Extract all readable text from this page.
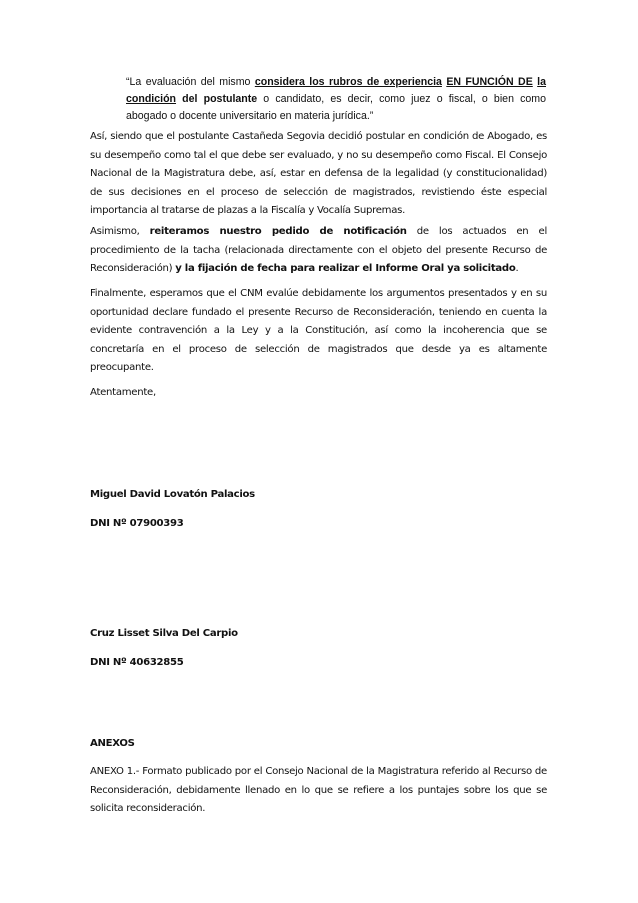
“La evaluación del mismo considera los rubros de experiencia EN FUNCIÓN DE la condición del postulante o candidato, es decir, como juez o fiscal, o bien como abogado o docente universitario en materia jurídica.”
Así, siendo que el postulante Castañeda Segovia decidió postular en condición de Abogado, es su desempeño como tal el que debe ser evaluado, y no su desempeño como Fiscal. El Consejo Nacional de la Magistratura debe, así, estar en defensa de la legalidad (y constitucionalidad) de sus decisiones en el proceso de selección de magistrados, revistiendo éste especial importancia al tratarse de plazas a la Fiscalía y Vocalía Supremas.
Asimismo, reiteramos nuestro pedido de notificación de los actuados en el procedimiento de la tacha (relacionada directamente con el objeto del presente Recurso de Reconsideración) y la fijación de fecha para realizar el Informe Oral ya solicitado.
Finalmente, esperamos que el CNM evalúe debidamente los argumentos presentados y en su oportunidad declare fundado el presente Recurso de Reconsideración, teniendo en cuenta la evidente contravención a la Ley y a la Constitución, así como la incoherencia que se concretaría en el proceso de selección de magistrados que desde ya es altamente preocupante.
Atentamente,
Miguel David Lovatón Palacios
DNI Nº 07900393
Cruz Lisset Silva Del Carpio
DNI Nº 40632855
ANEXOS
ANEXO 1.- Formato publicado por el Consejo Nacional de la Magistratura referido al Recurso de Reconsideración, debidamente llenado en lo que se refiere a los puntajes sobre los que se solicita reconsideración.
